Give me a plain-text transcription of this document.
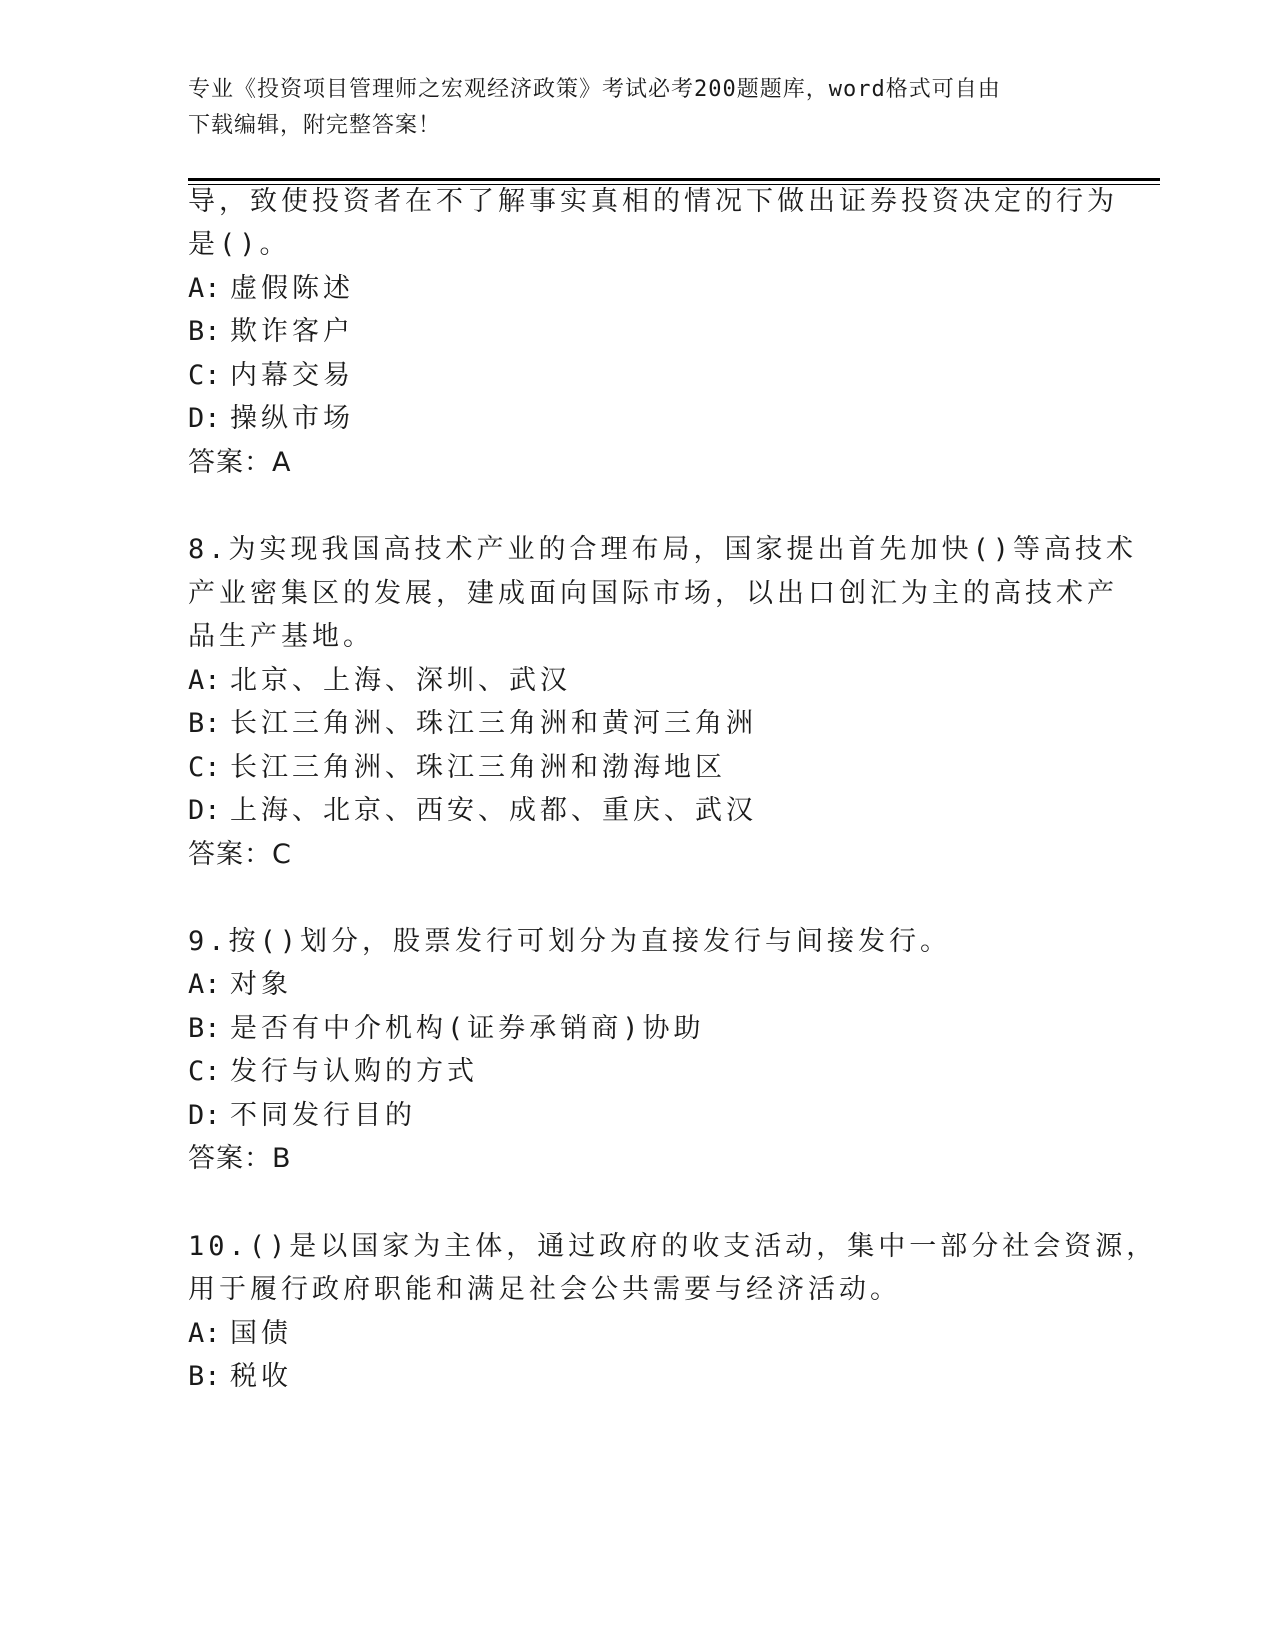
专业《投资项目管理师之宏观经济政策》考试必考200题题库，word格式可自由
下载编辑，附完整答案！
导，致使投资者在不了解事实真相的情况下做出证券投资决定的行为
是()。
A: 虚假陈述
B: 欺诈客户
C: 内幕交易
D: 操纵市场
答案：A
8.为实现我国高技术产业的合理布局，国家提出首先加快()等高技术
产业密集区的发展，建成面向国际市场，以出口创汇为主的高技术产
品生产基地。
A: 北京、上海、深圳、武汉
B: 长江三角洲、珠江三角洲和黄河三角洲
C: 长江三角洲、珠江三角洲和渤海地区
D: 上海、北京、西安、成都、重庆、武汉
答案：C
9.按()划分，股票发行可划分为直接发行与间接发行。
A: 对象
B: 是否有中介机构(证券承销商)协助
C: 发行与认购的方式
D: 不同发行目的
答案：B
10.()是以国家为主体，通过政府的收支活动，集中一部分社会资源，
用于履行政府职能和满足社会公共需要与经济活动。
A: 国债
B: 税收
